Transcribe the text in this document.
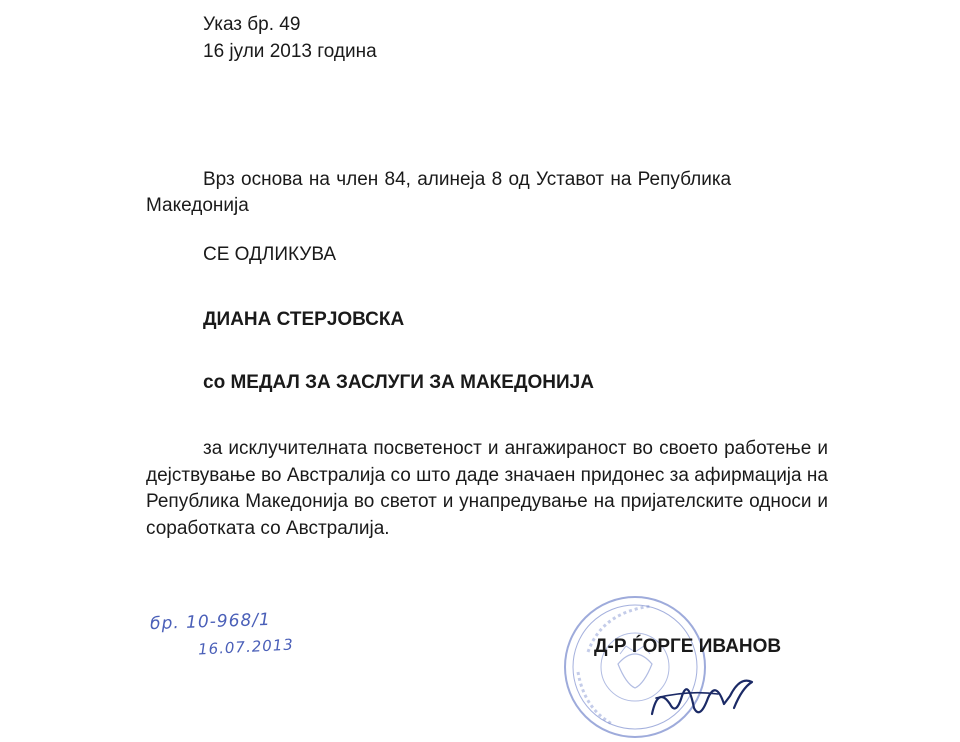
Указ бр. 49
16 јули 2013 година
Врз основа на член 84, алинеја 8 од Уставот на Република
Македонија
СЕ ОДЛИКУВА
ДИАНА СТЕРЈОВСКА
со МЕДАЛ ЗА ЗАСЛУГИ ЗА МАКЕДОНИЈА
за исклучителната посветеност и ангажираност во своето работење и дејствување во Австралија со што даде значаен придонес за афирмација на Република Македонија во светот и унапредување на пријателските односи и соработката со Австралија.
бр. 10-968/1
16.07.2013	Д-Р ЃОРГЕ ИВАНОВ
